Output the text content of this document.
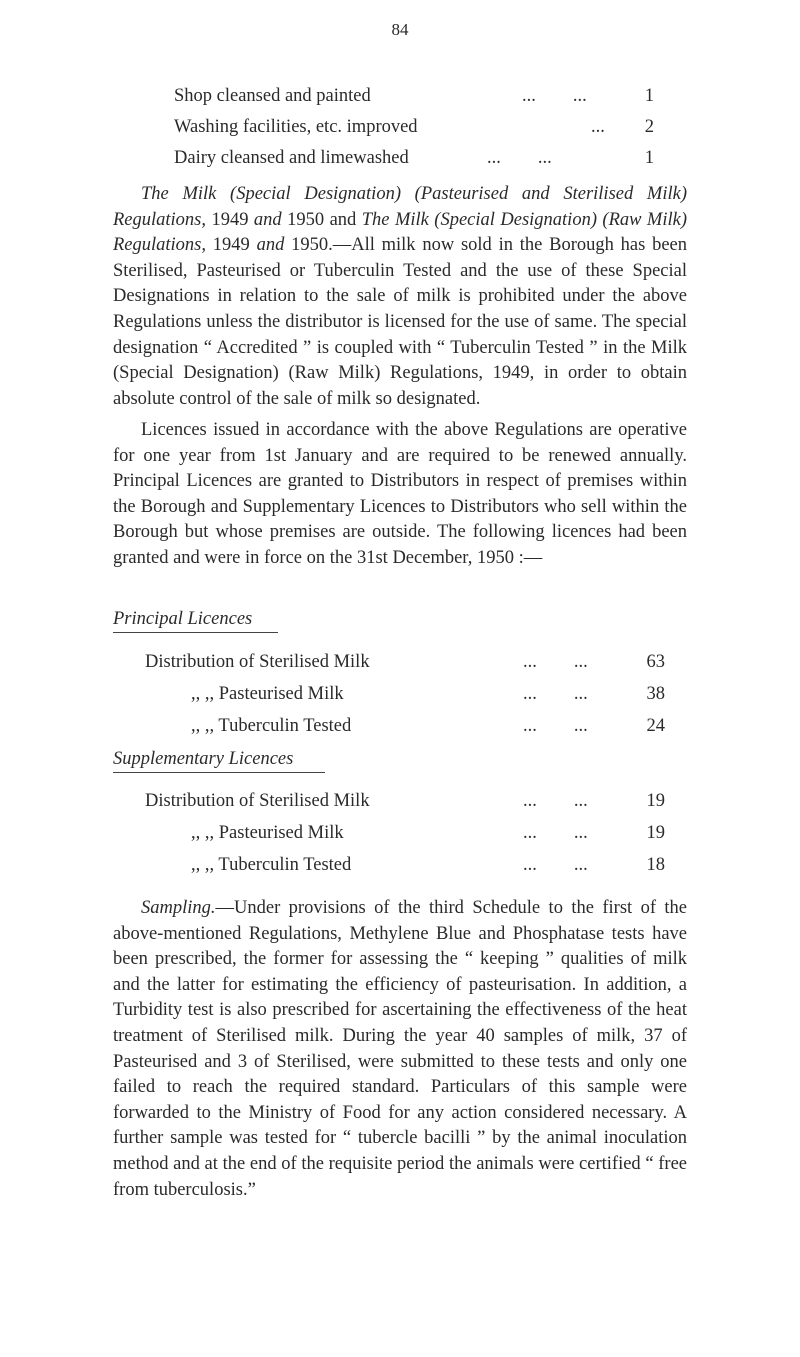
84
Shop cleansed and painted	...        ...	1
Washing facilities, etc. improved	...	2
Dairy cleansed and limewashed	...        ...	1

The Milk (Special Designation) (Pasteurised and Sterilised Milk) Regulations, 1949 and 1950 and The Milk (Special Designation) (Raw Milk) Regulations, 1949 and 1950.—All milk now sold in the Borough has been Sterilised, Pasteurised or Tuberculin Tested and the use of these Special Designations in relation to the sale of milk is prohibited under the above Regulations unless the distributor is licensed for the use of same. The special designation “ Accredited ” is coupled with “ Tuberculin Tested ” in the Milk (Special Designation) (Raw Milk) Regulations, 1949, in order to obtain absolute control of the sale of milk so designated.

Licences issued in accordance with the above Regulations are operative for one year from 1st January and are required to be renewed annually. Principal Licences are granted to Distributors in respect of premises within the Borough and Supplementary Licences to Distributors who sell within the Borough but whose premises are outside. The following licences had been granted and were in force on the 31st December, 1950 :—

Principal Licences
Distribution of Sterilised Milk	...        ...	63
,, ,, Pasteurised Milk	...        ...	38
,, ,, Tuberculin Tested	...        ...	24
Supplementary Licences
Distribution of Sterilised Milk	...        ...	19
,, ,, Pasteurised Milk	...        ...	19
,, ,, Tuberculin Tested	...        ...	18

Sampling.—Under provisions of the third Schedule to the first of the above-mentioned Regulations, Methylene Blue and Phosphatase tests have been prescribed, the former for assessing the “ keeping ” qualities of milk and the latter for estimating the efficiency of pasteurisation. In addition, a Turbidity test is also prescribed for ascertaining the effectiveness of the heat treatment of Sterilised milk. During the year 40 samples of milk, 37 of Pasteurised and 3 of Sterilised, were submitted to these tests and only one failed to reach the required standard. Particulars of this sample were forwarded to the Ministry of Food for any action considered necessary. A further sample was tested for “ tubercle bacilli ” by the animal inoculation method and at the end of the requisite period the animals were certified “ free from tuberculosis.”
